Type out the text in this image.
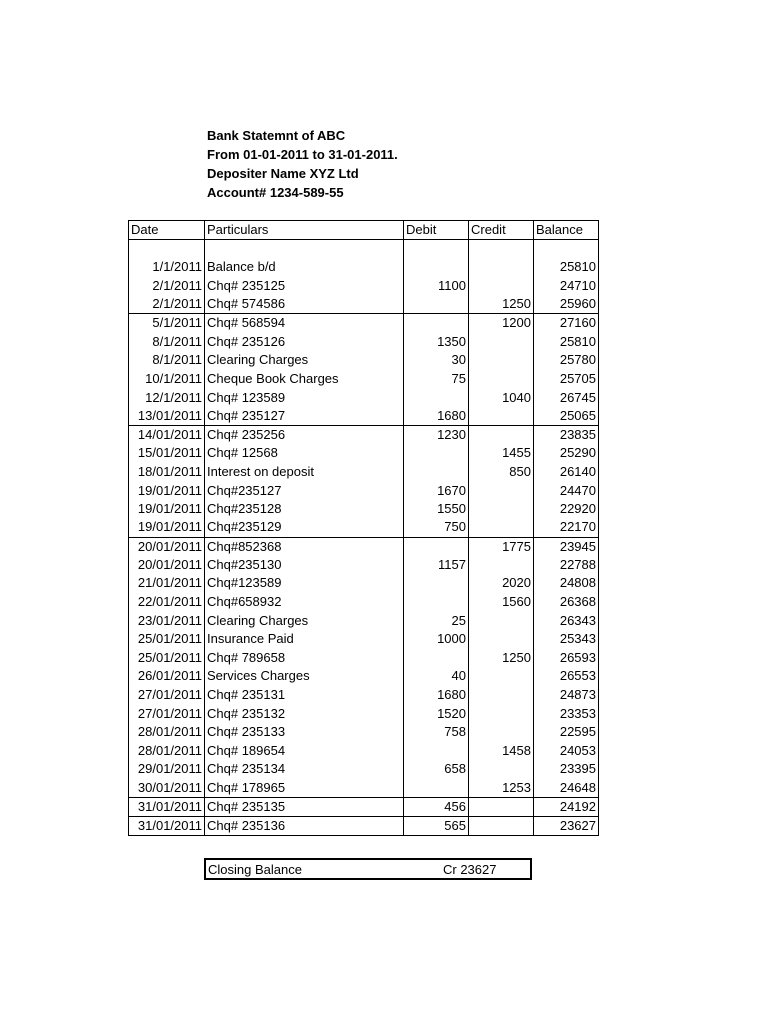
Bank Statemnt of ABC
From 01-01-2011 to 31-01-2011.
Depositer Name XYZ Ltd
Account# 1234-589-55
Date	Particulars	Debit	Credit	Balance

1/1/2011	Balance b/d			25810
2/1/2011	Chq# 235125	1100		24710
2/1/2011	Chq# 574586		1250	25960
5/1/2011	Chq# 568594		1200	27160
8/1/2011	Chq# 235126	1350		25810
8/1/2011	Clearing Charges	30		25780
10/1/2011	Cheque Book Charges	75		25705
12/1/2011	Chq# 123589		1040	26745
13/01/2011	Chq# 235127	1680		25065
14/01/2011	Chq# 235256	1230		23835
15/01/2011	Chq# 12568		1455	25290
18/01/2011	Interest on deposit		850	26140
19/01/2011	Chq#235127	1670		24470
19/01/2011	Chq#235128	1550		22920
19/01/2011	Chq#235129	750		22170
20/01/2011	Chq#852368		1775	23945
20/01/2011	Chq#235130	1157		22788
21/01/2011	Chq#123589		2020	24808
22/01/2011	Chq#658932		1560	26368
23/01/2011	Clearing Charges	25		26343
25/01/2011	Insurance Paid	1000		25343
25/01/2011	Chq# 789658		1250	26593
26/01/2011	Services Charges	40		26553
27/01/2011	Chq# 235131	1680		24873
27/01/2011	Chq# 235132	1520		23353
28/01/2011	Chq# 235133	758		22595
28/01/2011	Chq# 189654		1458	24053
29/01/2011	Chq# 235134	658		23395
30/01/2011	Chq# 178965		1253	24648
31/01/2011	Chq# 235135	456		24192
31/01/2011	Chq# 235136	565		23627
Closing Balance	Cr 23627
